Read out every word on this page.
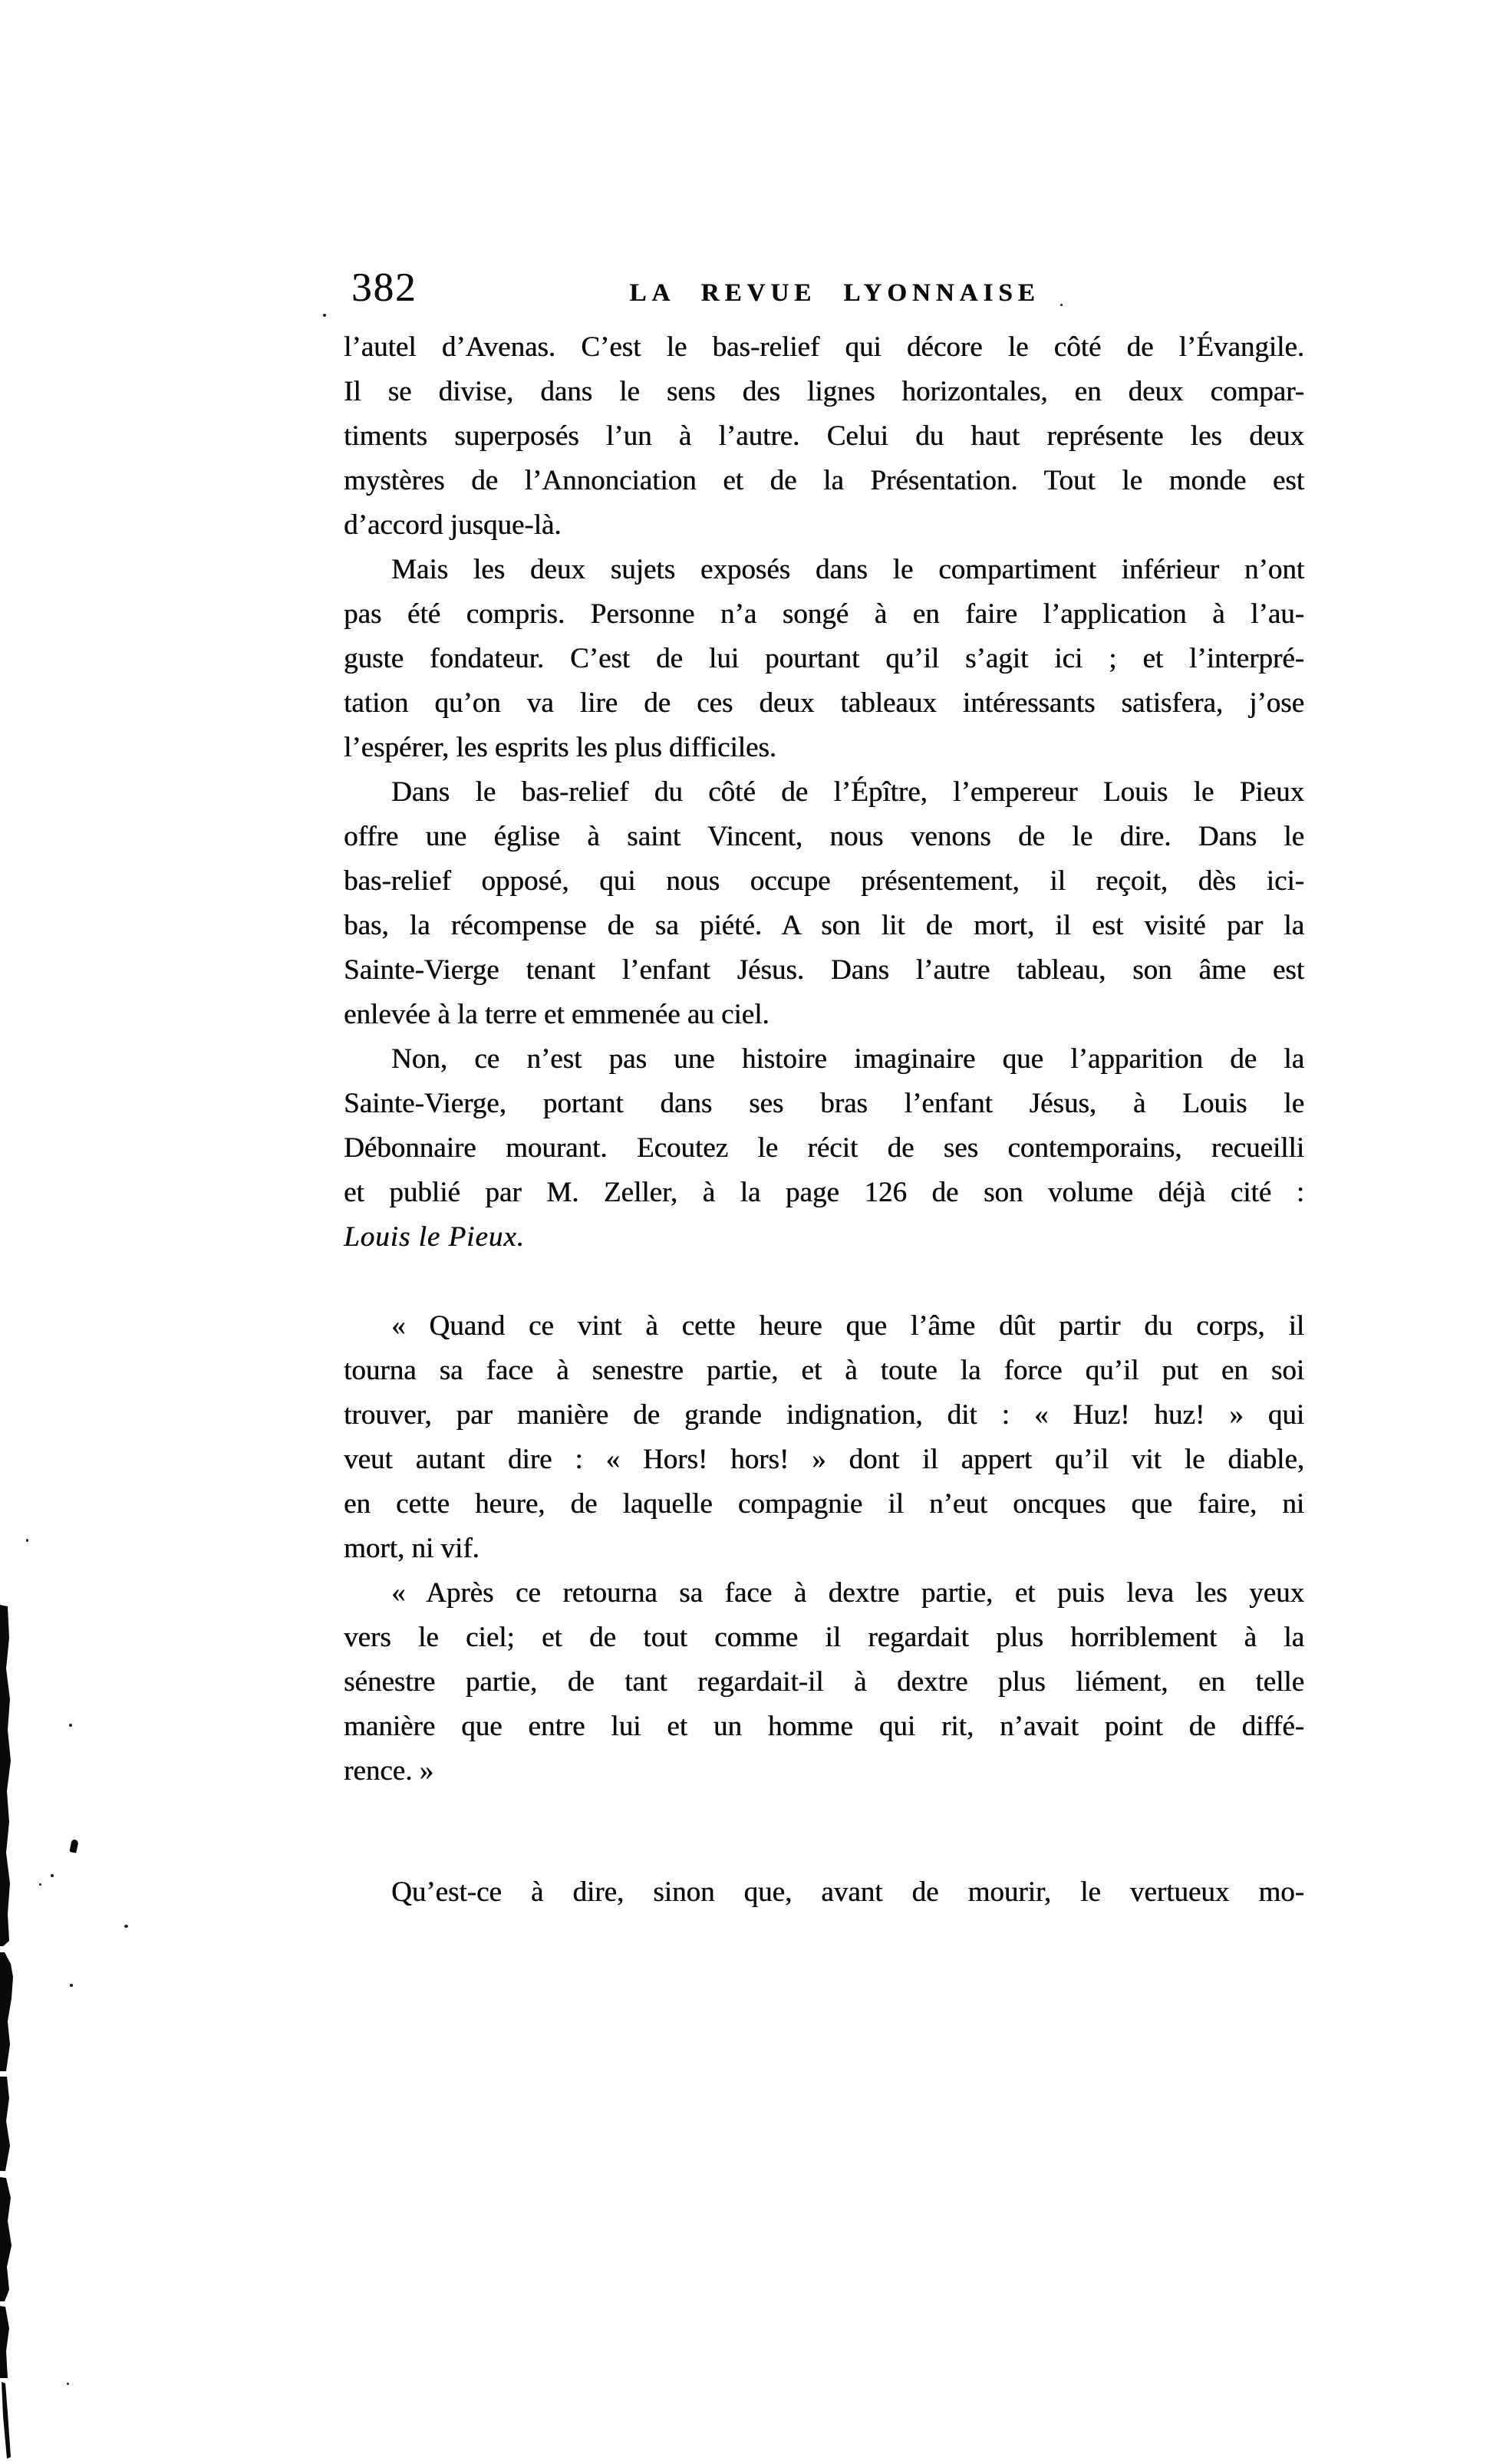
382	LA REVUE LYONNAISE
l’autel d’Avenas. C’est le bas-relief qui décore le côté de l’Évangile.
Il se divise, dans le sens des lignes horizontales, en deux compar-
timents superposés l’un à l’autre. Celui du haut représente les deux
mystères de l’Annonciation et de la Présentation. Tout le monde est
d’accord jusque-là.
Mais les deux sujets exposés dans le compartiment inférieur n’ont
pas été compris. Personne n’a songé à en faire l’application à l’au-
guste fondateur. C’est de lui pourtant qu’il s’agit ici ; et l’interpré-
tation qu’on va lire de ces deux tableaux intéressants satisfera, j’ose
l’espérer, les esprits les plus difficiles.
Dans le bas-relief du côté de l’Épître, l’empereur Louis le Pieux
offre une église à saint Vincent, nous venons de le dire. Dans le
bas-relief opposé, qui nous occupe présentement, il reçoit, dès ici-
bas, la récompense de sa piété. A son lit de mort, il est visité par la
Sainte-Vierge tenant l’enfant Jésus. Dans l’autre tableau, son âme est
enlevée à la terre et emmenée au ciel.
Non, ce n’est pas une histoire imaginaire que l’apparition de la
Sainte-Vierge, portant dans ses bras l’enfant Jésus, à Louis le
Débonnaire mourant. Ecoutez le récit de ses contemporains, recueilli
et publié par M. Zeller, à la page 126 de son volume déjà cité :
Louis le Pieux.
« Quand ce vint à cette heure que l’âme dût partir du corps, il
tourna sa face à senestre partie, et à toute la force qu’il put en soi
trouver, par manière de grande indignation, dit : « Huz! huz! » qui
veut autant dire : « Hors! hors! » dont il appert qu’il vit le diable,
en cette heure, de laquelle compagnie il n’eut oncques que faire, ni
mort, ni vif.
« Après ce retourna sa face à dextre partie, et puis leva les yeux
vers le ciel; et de tout comme il regardait plus horriblement à la
sénestre partie, de tant regardait-il à dextre plus liément, en telle
manière que entre lui et un homme qui rit, n’avait point de diffé-
rence. »
Qu’est-ce à dire, sinon que, avant de mourir, le vertueux mo-
